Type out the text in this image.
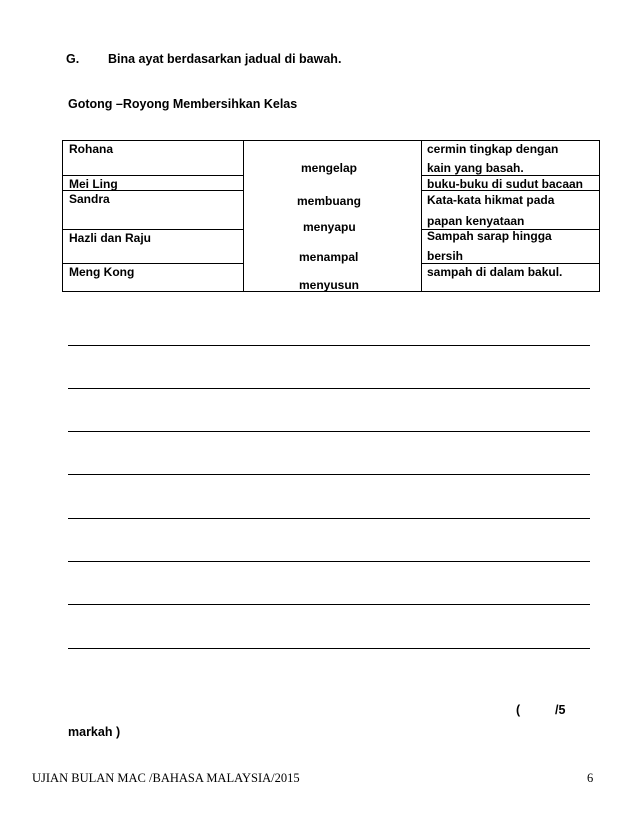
G. Bina ayat berdasarkan jadual di bawah.
Gotong –Royong Membersihkan Kelas
Rohana
Mei Ling
Sandra
Hazli dan Raju
Meng Kong
mengelap
membuang
menyapu
menampal
menyusun
cermin tingkap dengan
kain yang basah.
buku-buku di sudut bacaan
Kata-kata hikmat pada
papan kenyataan
Sampah sarap hingga
bersih
sampah di dalam bakul.
(	/5
markah )
UJIAN BULAN MAC /BAHASA MALAYSIA/2015	6
